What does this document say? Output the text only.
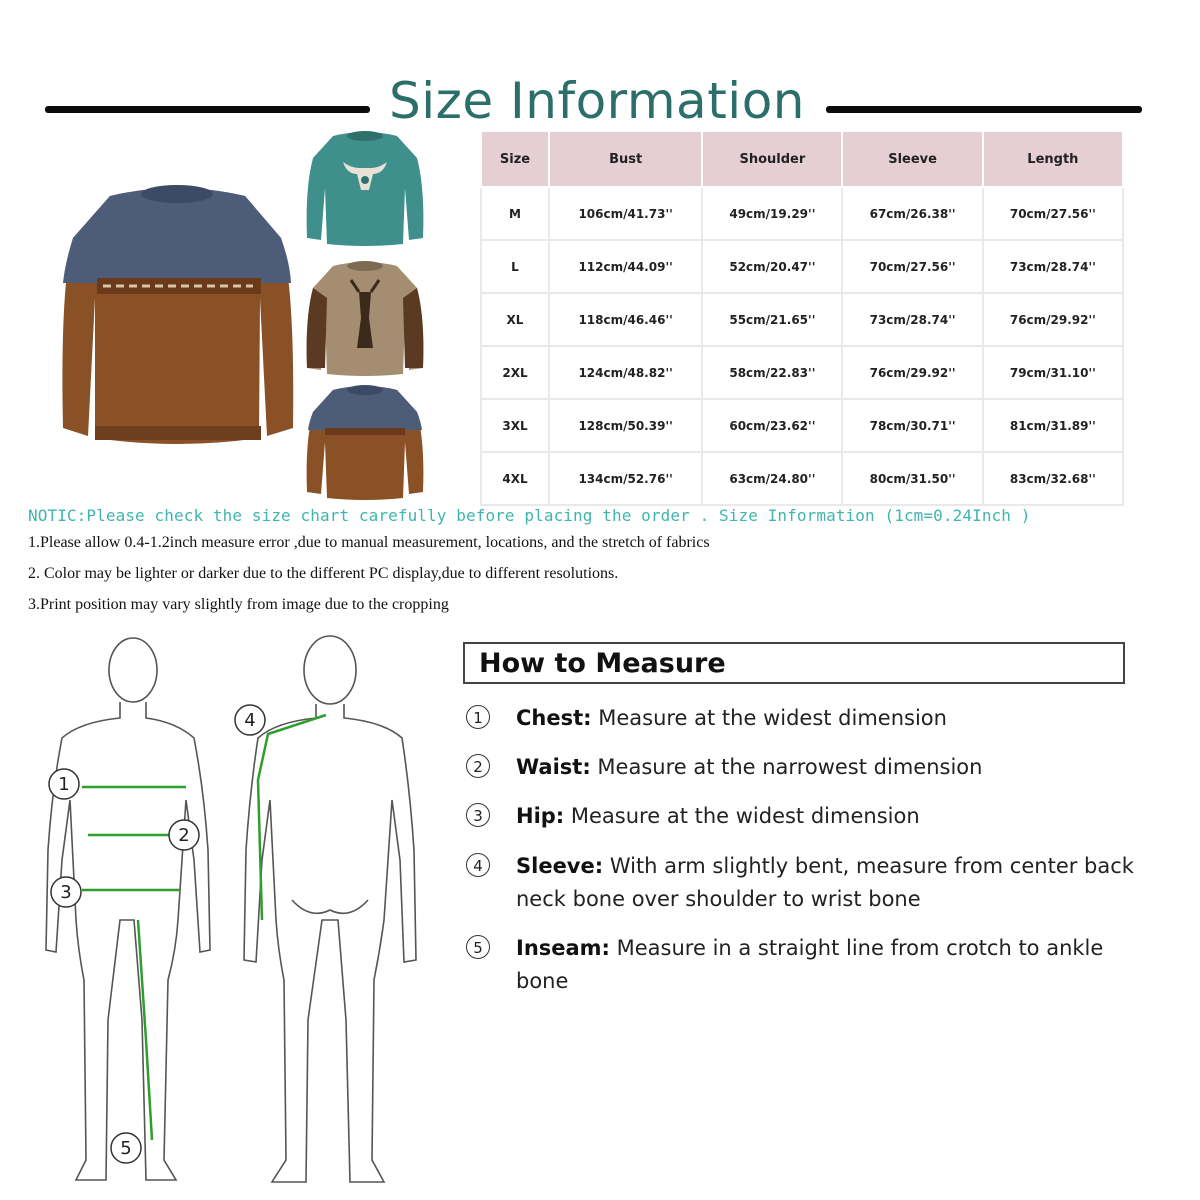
Size Information
Size	Bust	Shoulder	Sleeve	Length
M	106cm/41.73''	49cm/19.29''	67cm/26.38''	70cm/27.56''
L	112cm/44.09''	52cm/20.47''	70cm/27.56''	73cm/28.74''
XL	118cm/46.46''	55cm/21.65''	73cm/28.74''	76cm/29.92''
2XL	124cm/48.82''	58cm/22.83''	76cm/29.92''	79cm/31.10''
3XL	128cm/50.39''	60cm/23.62''	78cm/30.71''	81cm/31.89''
4XL	134cm/52.76''	63cm/24.80''	80cm/31.50''	83cm/32.68''
NOTIC:Please check the size chart carefully before placing the order . Size Information (1cm=0.24Inch )
1.Please allow 0.4-1.2inch measure error ,due to manual measurement, locations, and the stretch of fabrics
2. Color may be lighter or darker due to the different PC display,due to different resolutions.
3.Print position may vary slightly from image due to the cropping
1
2
3
4
5
How to Measure
1	Chest: Measure at the widest dimension
2	Waist: Measure at the narrowest dimension
3	Hip: Measure at the widest dimension
4	Sleeve: With arm slightly bent, measure from center back neck bone over shoulder to wrist bone
5	Inseam: Measure in a straight line from crotch to ankle bone
